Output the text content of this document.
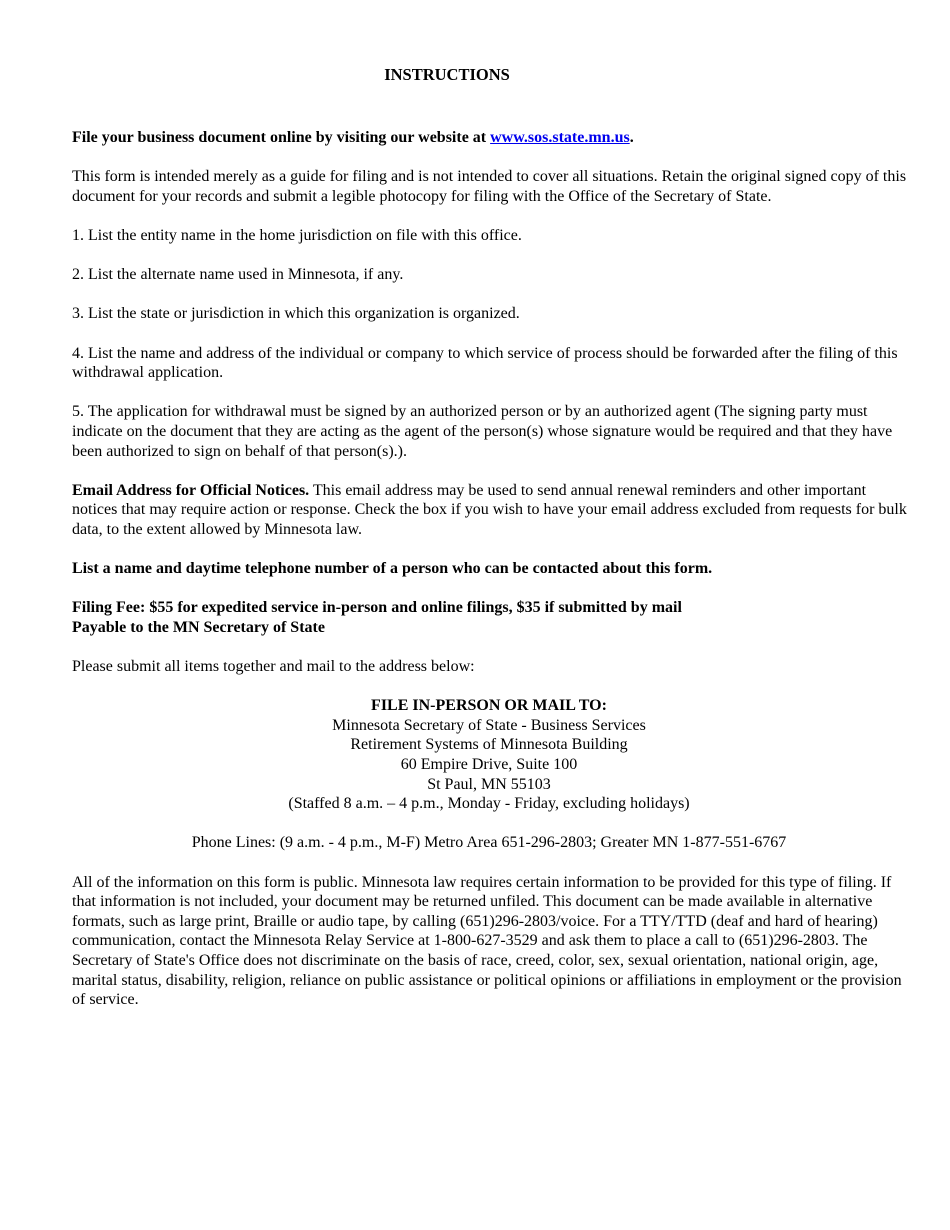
INSTRUCTIONS

File your business document online by visiting our website at www.sos.state.mn.us.

This form is intended merely as a guide for filing and is not intended to cover all situations. Retain the original signed copy of this document for your records and submit a legible photocopy for filing with the Office of the Secretary of State.

1. List the entity name in the home jurisdiction on file with this office.

2. List the alternate name used in Minnesota, if any.

3. List the state or jurisdiction in which this organization is organized.

4. List the name and address of the individual or company to which service of process should be forwarded after the filing of this withdrawal application.

5. The application for withdrawal must be signed by an authorized person or by an authorized agent (The signing party must indicate on the document that they are acting as the agent of the person(s) whose signature would be required and that they have been authorized to sign on behalf of that person(s).).

Email Address for Official Notices. This email address may be used to send annual renewal reminders and other important notices that may require action or response. Check the box if you wish to have your email address excluded from requests for bulk data, to the extent allowed by Minnesota law.

List a name and daytime telephone number of a person who can be contacted about this form.

Filing Fee: $55 for expedited service in-person and online filings, $35 if submitted by mail

Payable to the MN Secretary of State

Please submit all items together and mail to the address below:

FILE IN-PERSON OR MAIL TO:

Minnesota Secretary of State - Business Services

Retirement Systems of Minnesota Building

60 Empire Drive, Suite 100

St Paul, MN 55103

(Staffed 8 a.m. – 4 p.m., Monday - Friday, excluding holidays)

Phone Lines: (9 a.m. - 4 p.m., M-F) Metro Area 651-296-2803; Greater MN 1-877-551-6767

All of the information on this form is public. Minnesota law requires certain information to be provided for this type of filing. If that information is not included, your document may be returned unfiled. This document can be made available in alternative formats, such as large print, Braille or audio tape, by calling (651)296-2803/voice. For a TTY/TTD (deaf and hard of hearing) communication, contact the Minnesota Relay Service at 1-800-627-3529 and ask them to place a call to (651)296-2803. The Secretary of State's Office does not discriminate on the basis of race, creed, color, sex, sexual orientation, national origin, age, marital status, disability, religion, reliance on public assistance or political opinions or affiliations in employment or the provision of service.
